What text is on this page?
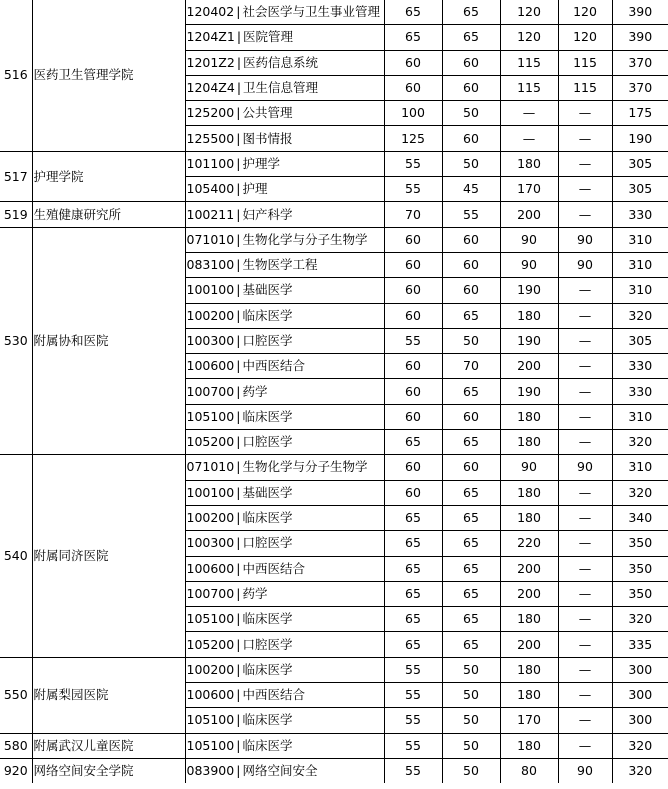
516	医药卫生管理学院	120402 | 社会医学与卫生事业管理	65	65	120	120	390
		1204Z1 | 医院管理	65	65	120	120	390
		1201Z2 | 医药信息系统	60	60	115	115	370
		1204Z4 | 卫生信息管理	60	60	115	115	370
		125200 | 公共管理	100	50	—	—	175
		125500 | 图书情报	125	60	—	—	190
517	护理学院	101100 | 护理学	55	50	180	—	305
		105400 | 护理	55	45	170	—	305
519	生殖健康研究所	100211 | 妇产科学	70	55	200	—	330
530	附属协和医院	071010 | 生物化学与分子生物学	60	60	90	90	310
		083100 | 生物医学工程	60	60	90	90	310
		100100 | 基础医学	60	60	190	—	310
		100200 | 临床医学	60	65	180	—	320
		100300 | 口腔医学	55	50	190	—	305
		100600 | 中西医结合	60	70	200	—	330
		100700 | 药学	60	65	190	—	330
		105100 | 临床医学	60	60	180	—	310
		105200 | 口腔医学	65	65	180	—	320
540	附属同济医院	071010 | 生物化学与分子生物学	60	60	90	90	310
		100100 | 基础医学	60	65	180	—	320
		100200 | 临床医学	65	65	180	—	340
		100300 | 口腔医学	65	65	220	—	350
		100600 | 中西医结合	65	65	200	—	350
		100700 | 药学	65	65	200	—	350
		105100 | 临床医学	65	65	180	—	320
		105200 | 口腔医学	65	65	200	—	335
550	附属梨园医院	100200 | 临床医学	55	50	180	—	300
		100600 | 中西医结合	55	50	180	—	300
		105100 | 临床医学	55	50	170	—	300
580	附属武汉儿童医院	105100 | 临床医学	55	50	180	—	320
920	网络空间安全学院	083900 | 网络空间安全	55	50	80	90	320
